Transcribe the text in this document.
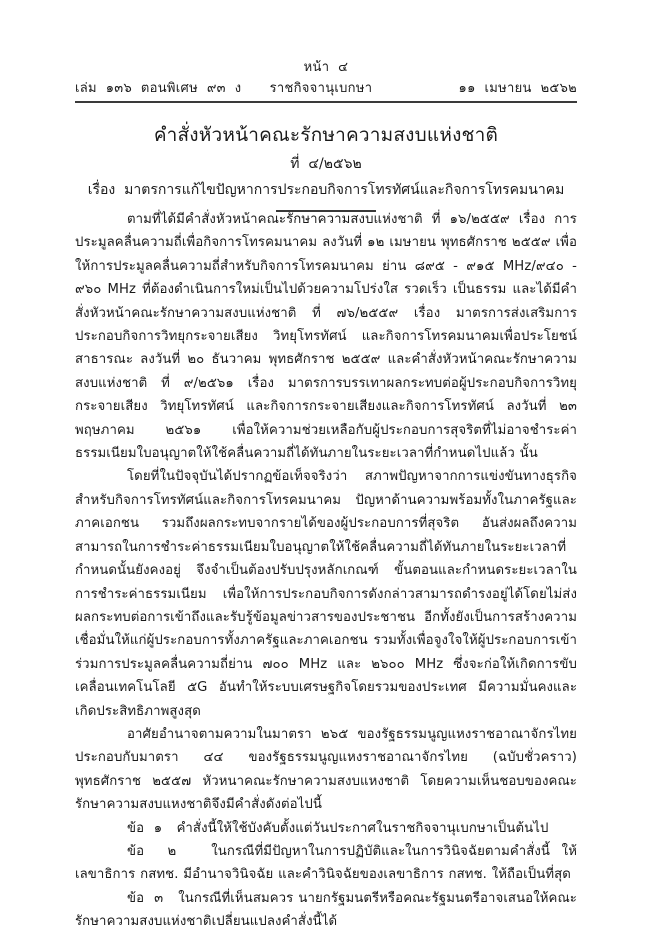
หน้า  ๔
เล่ม  ๑๓๖  ตอนพิเศษ  ๙๓  ง	ราชกิจจานุเบกษา	๑๑  เมษายน  ๒๕๖๒
คำสั่งหัวหน้าคณะรักษาความสงบแห่งชาติ
ที่  ๔/๒๕๖๒
เรื่อง  มาตรการแก้ไขปัญหาการประกอบกิจการโทรทัศน์และกิจการโทรคมนาคม

ตามที่ได้มีคำสั่งหัวหน้าคณะรักษาความสงบแห่งชาติ ที่ ๑๖/๒๕๕๙ เรื่อง การประมูลคลื่นความถี่เพื่อกิจการโทรคมนาคม ลงวันที่ ๑๒ เมษายน พุทธศักราช ๒๕๕๙ เพื่อให้การประมูลคลื่นความถี่สำหรับกิจการโทรคมนาคม ย่าน ๘๙๕ - ๙๑๕ MHz/๙๔๐ - ๙๖๐ MHz ที่ต้องดำเนินการใหม่เป็นไปด้วยความโปร่งใส รวดเร็ว เป็นธรรม และได้มีคำสั่งหัวหน้าคณะรักษาความสงบแห่งชาติ ที่ ๗๖/๒๕๕๙ เรื่อง มาตรการส่งเสริมการประกอบกิจการวิทยุกระจายเสียง วิทยุโทรทัศน์ และกิจการโทรคมนาคมเพื่อประโยชน์สาธารณะ ลงวันที่ ๒๐ ธันวาคม พุทธศักราช ๒๕๕๙ และคำสั่งหัวหน้าคณะรักษาความสงบแห่งชาติ ที่ ๙/๒๕๖๑ เรื่อง มาตรการบรรเทาผลกระทบต่อผู้ประกอบกิจการวิทยุกระจายเสียง วิทยุโทรทัศน์ และกิจการกระจายเสียงและกิจการโทรทัศน์ ลงวันที่ ๒๓ พฤษภาคม ๒๕๖๑ เพื่อให้ความช่วยเหลือกับผู้ประกอบการสุจริตที่ไม่อาจชำระค่าธรรมเนียมใบอนุญาตให้ใช้คลื่นความถี่ได้ทันภายในระยะเวลาที่กำหนดไปแล้ว นั้น

โดยที่ในปัจจุบันได้ปรากฏข้อเท็จจริงว่า สภาพปัญหาจากการแข่งขันทางธุรกิจสำหรับกิจการโทรทัศน์และกิจการโทรคมนาคม ปัญหาด้านความพร้อมทั้งในภาครัฐและภาคเอกชน รวมถึงผลกระทบจากรายได้ของผู้ประกอบการที่สุจริต อันส่งผลถึงความสามารถในการชำระค่าธรรมเนียมใบอนุญาตให้ใช้คลื่นความถี่ได้ทันภายในระยะเวลาที่กำหนดนั้นยังคงอยู่ จึงจำเป็นต้องปรับปรุงหลักเกณฑ์ ขั้นตอนและกำหนดระยะเวลาในการชำระค่าธรรมเนียม เพื่อให้การประกอบกิจการดังกล่าวสามารถดำรงอยู่ได้โดยไม่ส่งผลกระทบต่อการเข้าถึงและรับรู้ข้อมูลข่าวสารของประชาชน อีกทั้งยังเป็นการสร้างความเชื่อมั่นให้แก่ผู้ประกอบการทั้งภาครัฐและภาคเอกชน รวมทั้งเพื่อจูงใจให้ผู้ประกอบการเข้าร่วมการประมูลคลื่นความถี่ย่าน ๗๐๐ MHz และ ๒๖๐๐ MHz ซึ่งจะก่อให้เกิดการขับเคลื่อนเทคโนโลยี ๕G อันทำให้ระบบเศรษฐกิจโดยรวมของประเทศ มีความมั่นคงและเกิดประสิทธิภาพสูงสุด

อาศัยอำนาจตามความในมาตรา ๒๖๕ ของรัฐธรรมนูญแหงราชอาณาจักรไทย ประกอบกับมาตรา ๔๔ ของรัฐธรรมนูญแหงราชอาณาจักรไทย (ฉบับชั่วคราว) พุทธศักราช ๒๕๕๗ หัวหนาคณะรักษาความสงบแหงชาติ โดยความเห็นชอบของคณะรักษาความสงบแหงชาติจึงมีคำสั่งดังต่อไปนี้

ข้อ  ๑ คำสั่งนี้ให้ใช้บังคับตั้งแต่วันประกาศในราชกิจจานุเบกษาเป็นต้นไป

ข้อ  ๒	ในกรณีที่มีปัญหาในการปฏิบัติและในการวินิจฉัยตามคำสั่งนี้ ให้เลขาธิการ กสทช. มีอำนาจวินิจฉัย และคำวินิจฉัยของเลขาธิการ กสทช. ให้ถือเป็นที่สุด

ข้อ  ๓ ในกรณีที่เห็นสมควร นายกรัฐมนตรีหรือคณะรัฐมนตรีอาจเสนอให้คณะรักษาความสงบแห่งชาติเปลี่ยนแปลงคำสั่งนี้ได้
